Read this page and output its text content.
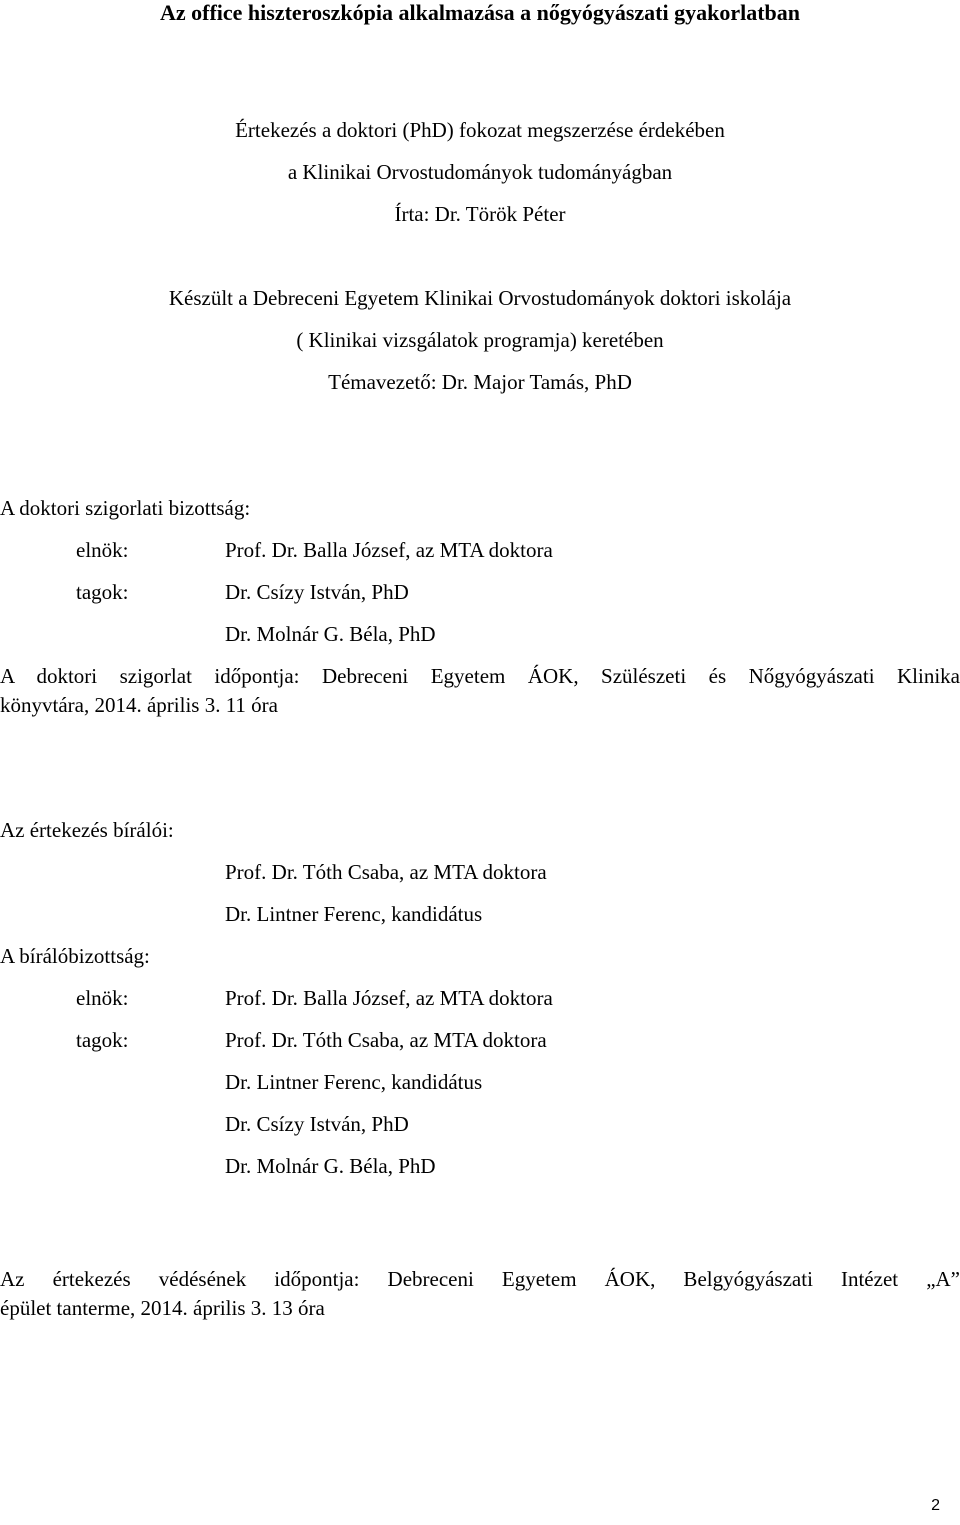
Az office hiszteroszkópia alkalmazása a nőgyógyászati gyakorlatban
Értekezés a doktori (PhD) fokozat megszerzése érdekében
a Klinikai Orvostudományok tudományágban
Írta: Dr. Török Péter
Készült a Debreceni Egyetem Klinikai Orvostudományok doktori iskolája
( Klinikai vizsgálatok programja) keretében
Témavezető: Dr. Major Tamás, PhD
A doktori szigorlati bizottság:
elnök:	Prof. Dr. Balla József, az MTA doktora
tagok:	Dr. Csízy István, PhD
Dr. Molnár G. Béla, PhD
A doktori szigorlat időpontja: Debreceni Egyetem ÁOK, Szülészeti és Nőgyógyászati Klinika
könyvtára, 2014. április 3. 11 óra
Az értekezés bírálói:
Prof. Dr. Tóth Csaba, az MTA doktora
Dr. Lintner Ferenc, kandidátus
A bírálóbizottság:
elnök:	Prof. Dr. Balla József, az MTA doktora
tagok:	Prof. Dr. Tóth Csaba, az MTA doktora
Dr. Lintner Ferenc, kandidátus
Dr. Csízy István, PhD
Dr. Molnár G. Béla, PhD
Az értekezés védésének időpontja: Debreceni Egyetem ÁOK, Belgyógyászati Intézet „A”
épület tanterme, 2014. április 3. 13 óra
2
